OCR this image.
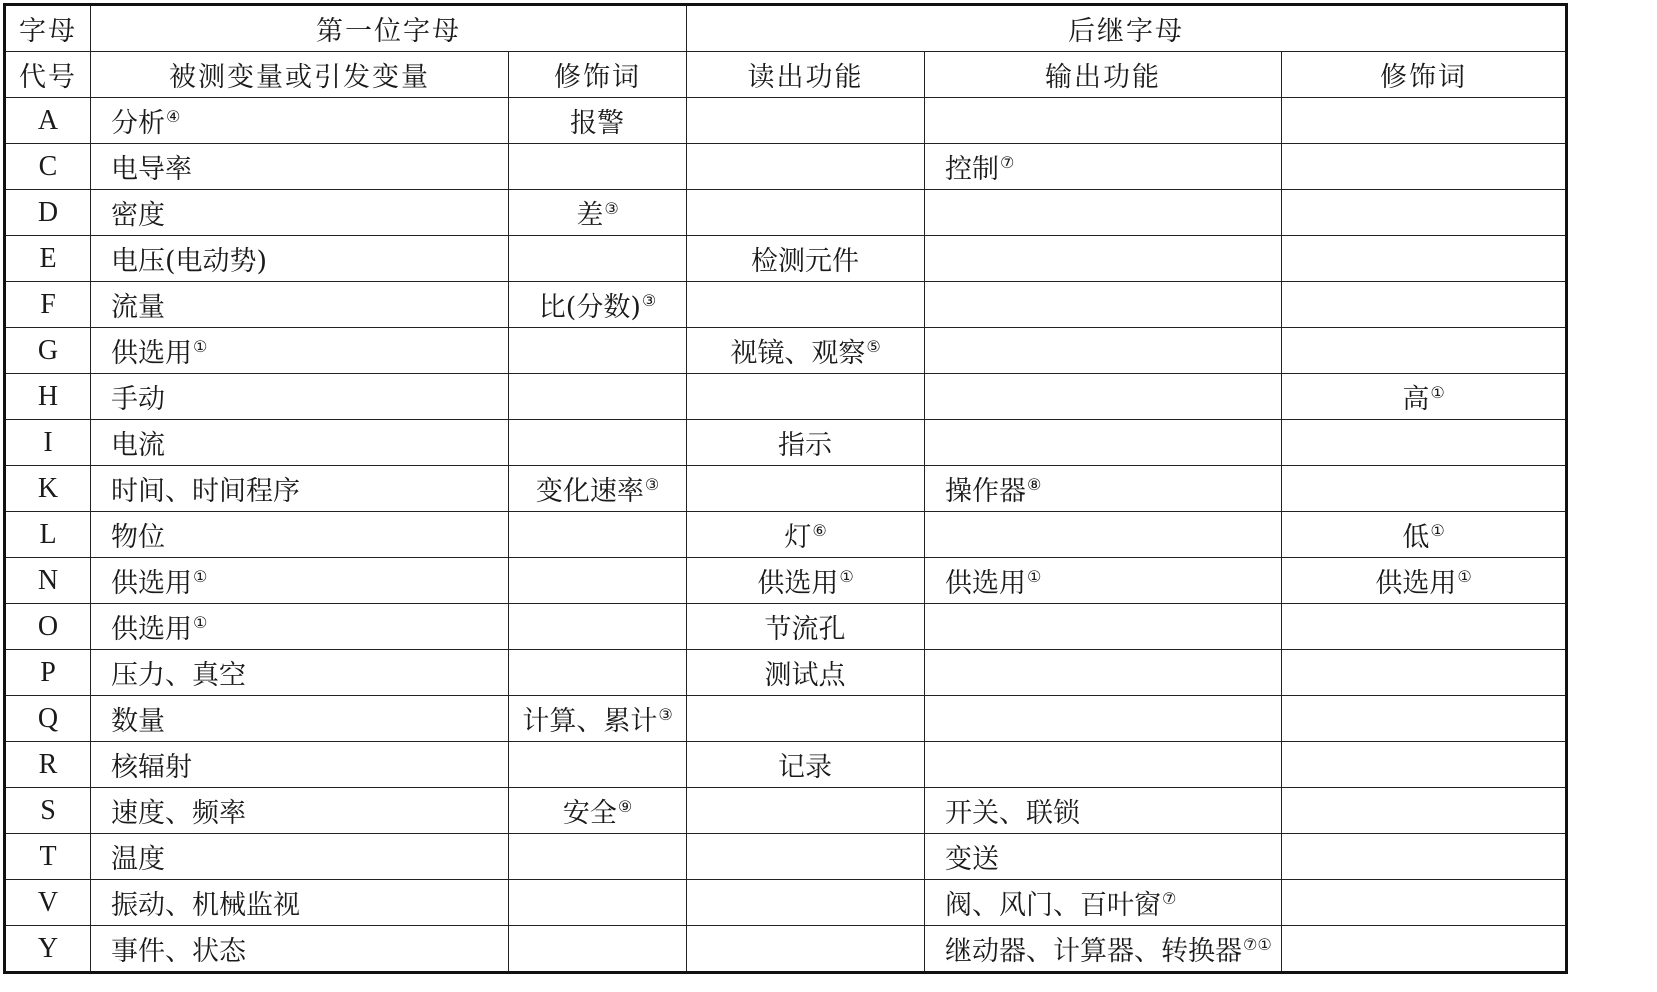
字母	第一位字母		后继字母		
代号	被测变量或引发变量	修饰词	读出功能	输出功能	修饰词
A	分析④	报警			
C	电导率			控制⑦	
D	密度	差③			
E	电压(电动势)		检测元件		
F	流量	比(分数)③			
G	供选用①		视镜、观察⑤		
H	手动				高①
I	电流		指示		
K	时间、时间程序	变化速率③		操作器⑧	
L	物位		灯⑥		低①
N	供选用①		供选用①	供选用①	供选用①
O	供选用①		节流孔		
P	压力、真空		测试点		
Q	数量	计算、累计③			
R	核辐射		记录		
S	速度、频率	安全⑨		开关、联锁	
T	温度			变送	
V	振动、机械监视			阀、风门、百叶窗⑦	
Y	事件、状态			继动器、计算器、转换器⑦①	
